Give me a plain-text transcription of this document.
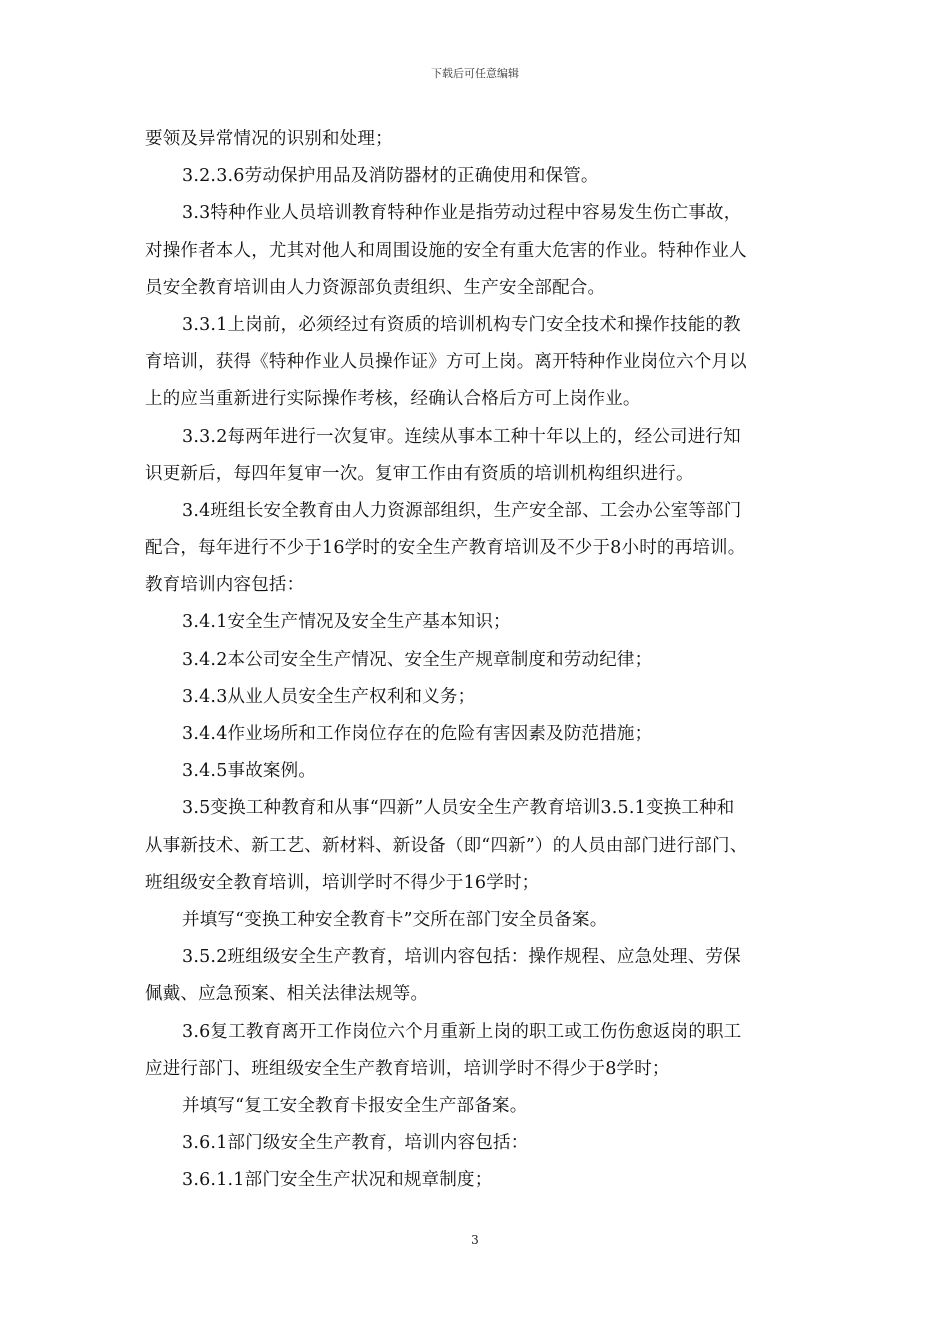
下载后可任意编辑
要领及异常情况的识别和处理；
3.2.3.6劳动保护用品及消防器材的正确使用和保管。
3.3特种作业人员培训教育特种作业是指劳动过程中容易发生伤亡事故，
对操作者本人，尤其对他人和周围设施的安全有重大危害的作业。特种作业人
员安全教育培训由人力资源部负责组织、生产安全部配合。
3.3.1上岗前，必须经过有资质的培训机构专门安全技术和操作技能的教
育培训，获得《特种作业人员操作证》方可上岗。离开特种作业岗位六个月以
上的应当重新进行实际操作考核，经确认合格后方可上岗作业。
3.3.2每两年进行一次复审。连续从事本工种十年以上的，经公司进行知
识更新后，每四年复审一次。复审工作由有资质的培训机构组织进行。
3.4班组长安全教育由人力资源部组织，生产安全部、工会办公室等部门
配合，每年进行不少于16学时的安全生产教育培训及不少于8小时的再培训。
教育培训内容包括：
3.4.1安全生产情况及安全生产基本知识；
3.4.2本公司安全生产情况、安全生产规章制度和劳动纪律；
3.4.3从业人员安全生产权利和义务；
3.4.4作业场所和工作岗位存在的危险有害因素及防范措施；
3.4.5事故案例。
3.5变换工种教育和从事“四新”人员安全生产教育培训3.5.1变换工种和
从事新技术、新工艺、新材料、新设备（即“四新”）的人员由部门进行部门、
班组级安全教育培训，培训学时不得少于16学时；
并填写“变换工种安全教育卡”交所在部门安全员备案。
3.5.2班组级安全生产教育，培训内容包括：操作规程、应急处理、劳保
佩戴、应急预案、相关法律法规等。
3.6复工教育离开工作岗位六个月重新上岗的职工或工伤伤愈返岗的职工
应进行部门、班组级安全生产教育培训，培训学时不得少于8学时；
并填写“复工安全教育卡报安全生产部备案。
3.6.1部门级安全生产教育，培训内容包括：
3.6.1.1部门安全生产状况和规章制度；
3
